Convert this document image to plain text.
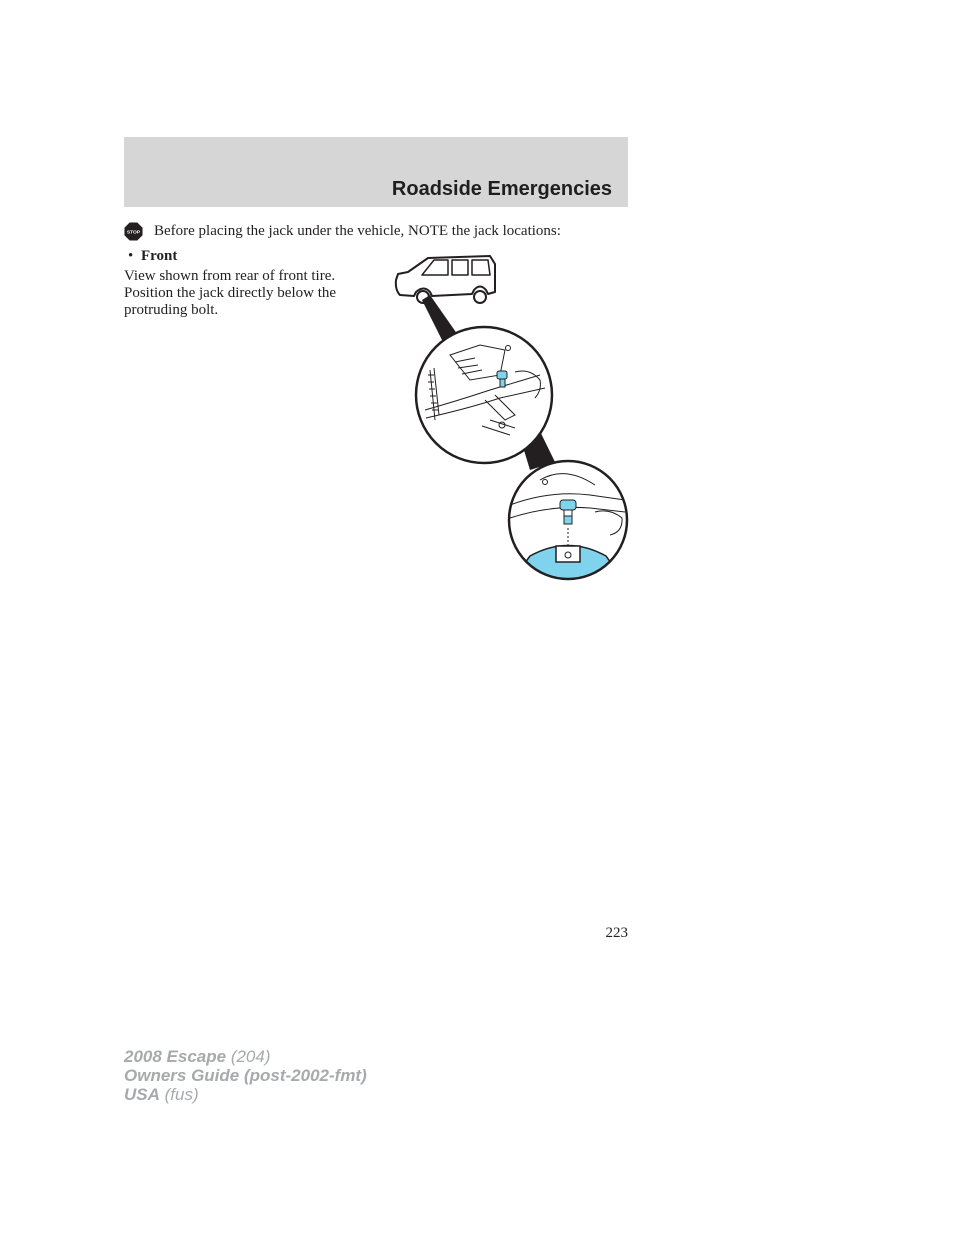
Roadside Emergencies
STOP Before placing the jack under the vehicle, NOTE the jack locations:
• Front
View shown from rear of front tire.
Position the jack directly below the
protruding bolt.
223
2008 Escape (204)
Owners Guide (post-2002-fmt)
USA (fus)
